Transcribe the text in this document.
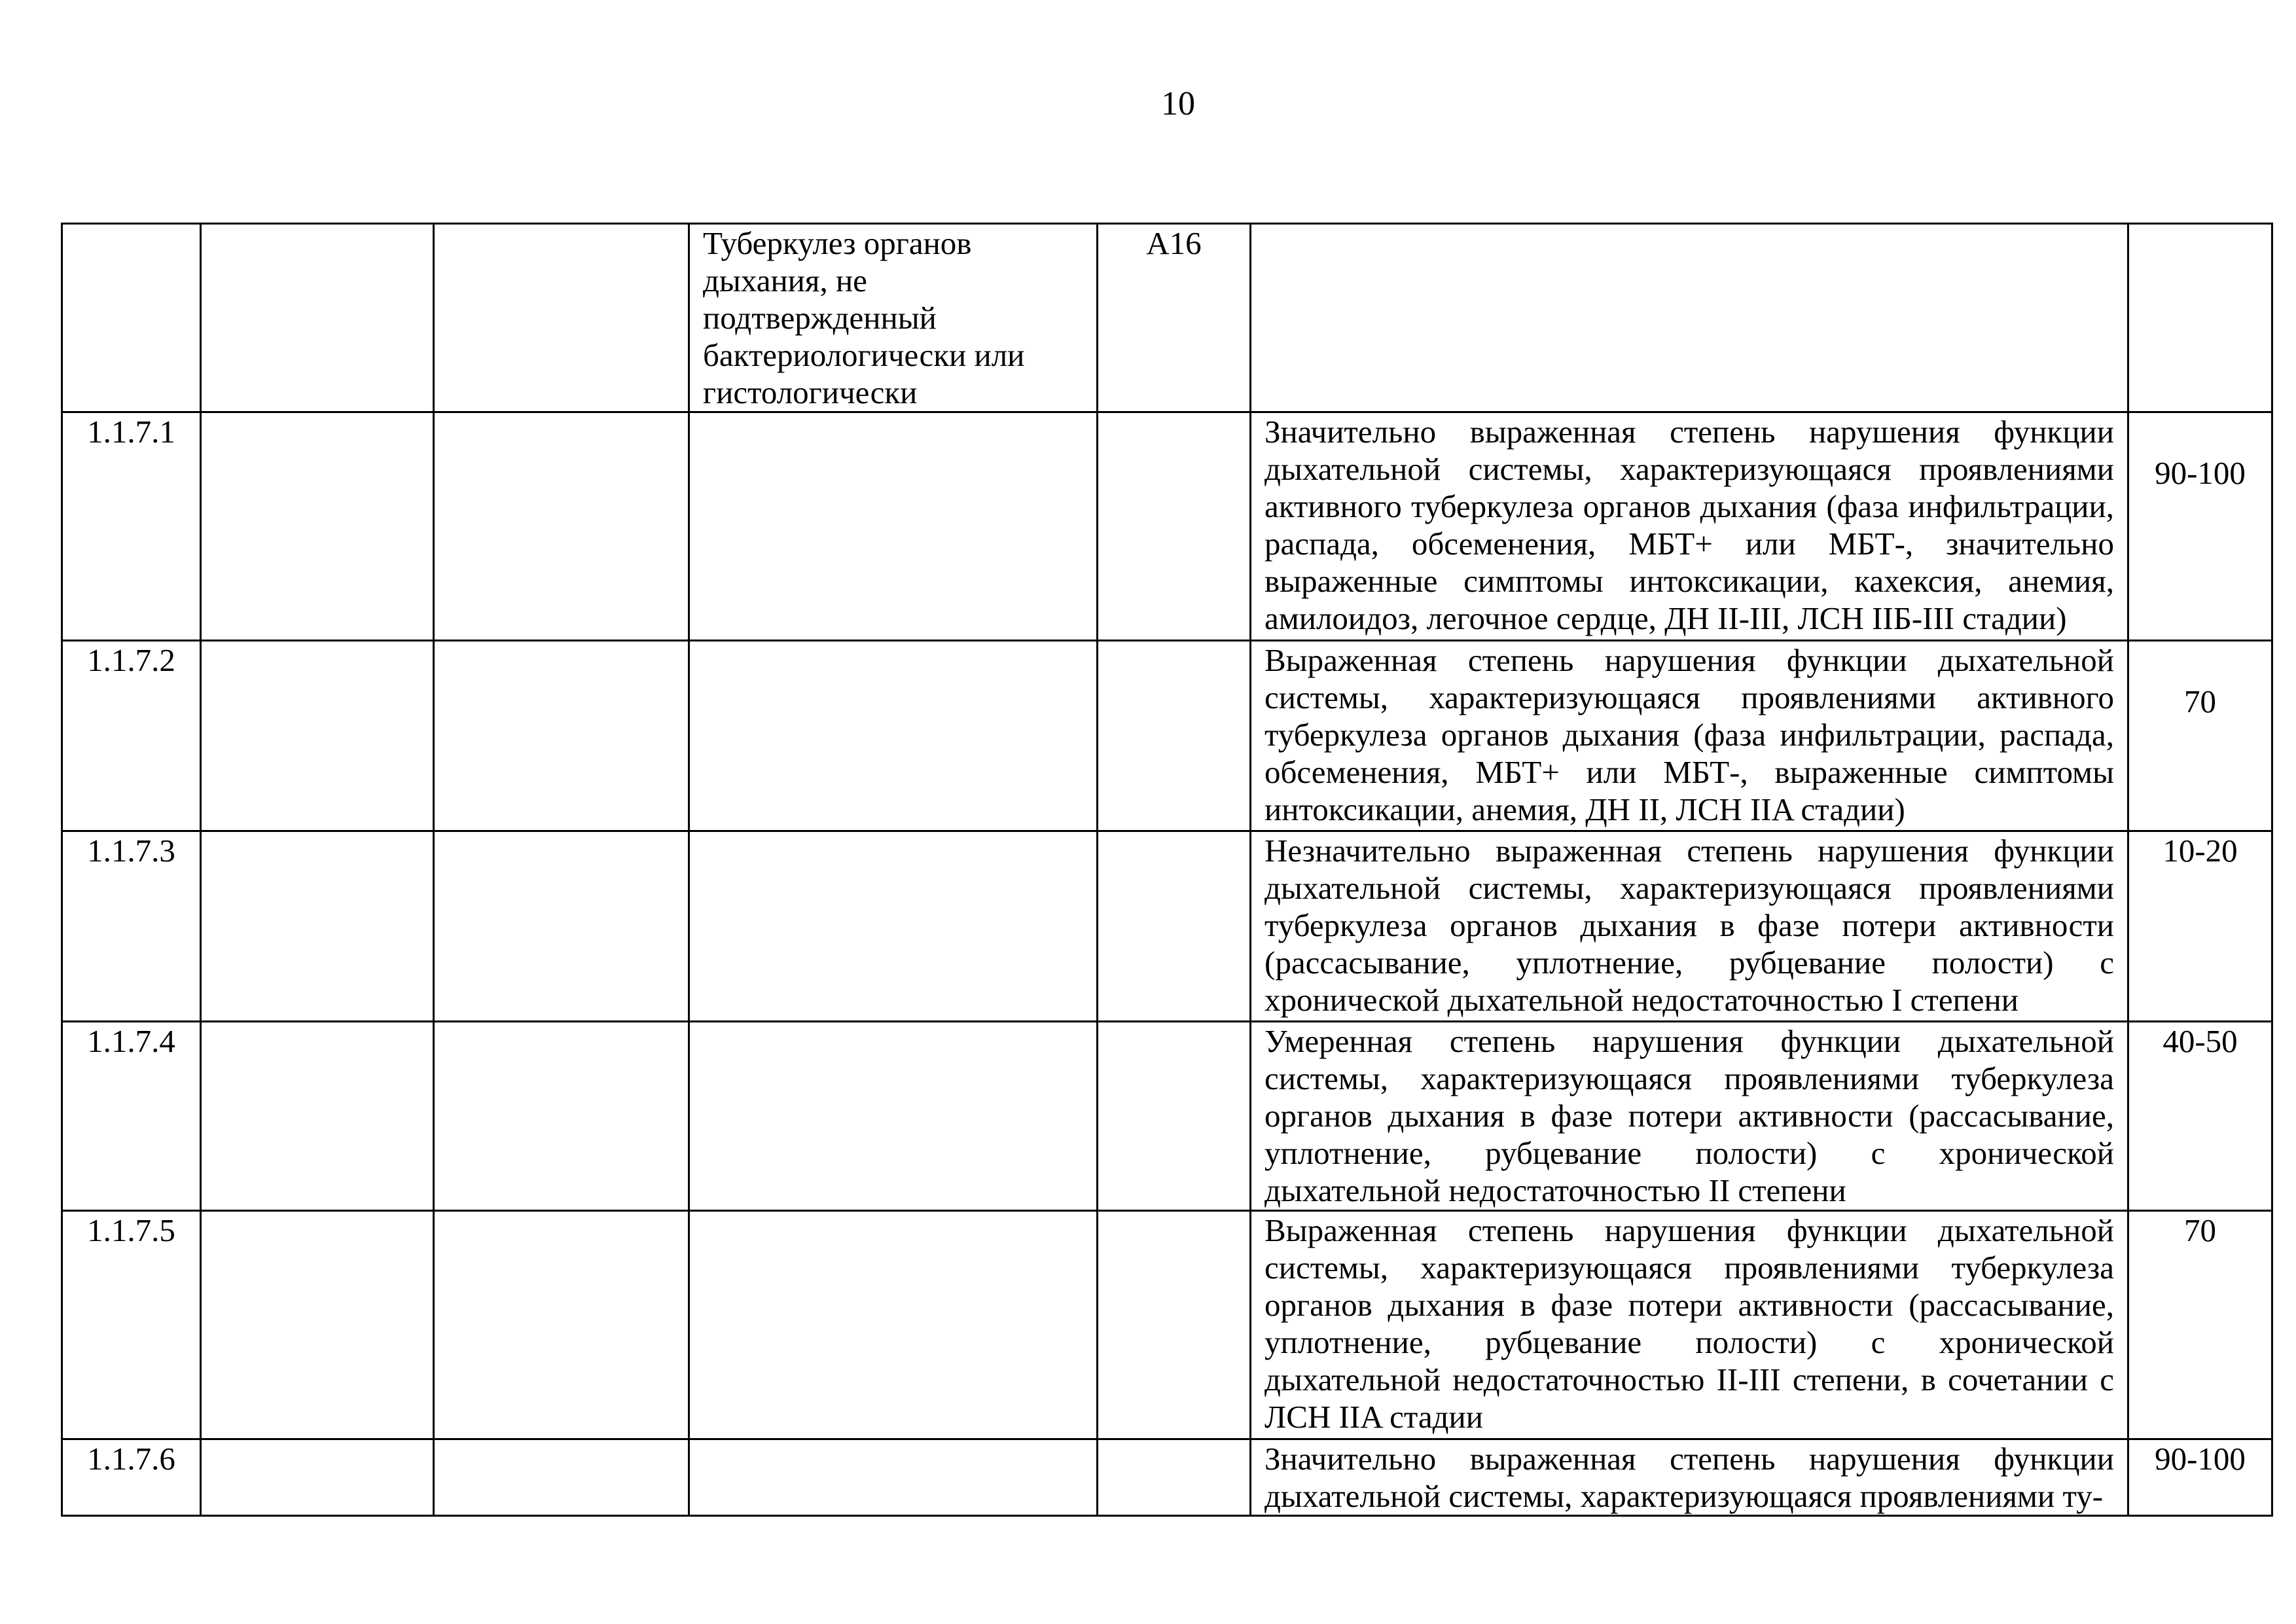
10
			Туберкулез органов дыхания, не подтвержденный бактериологически или гистологически	A16		
1.1.7.1					Значительно выраженная степень нарушения функции дыхательной системы, характеризующаяся проявлениями активного туберкулеза органов дыхания (фаза инфильтрации, распада, обсеменения, МБТ+ или МБТ-, значительно выраженные симптомы интоксикации, кахексия, анемия, амилоидоз, легочное сердце, ДН II-III, ЛСН IIБ-III стадии)	90-100
1.1.7.2					Выраженная степень нарушения функции дыхательной системы, характеризующаяся проявлениями активного туберкулеза органов дыхания (фаза инфильтрации, распада, обсеменения, МБТ+ или МБТ-, выраженные симптомы интоксикации, анемия, ДН II, ЛСН IIA стадии)	70
1.1.7.3					Незначительно выраженная степень нарушения функции дыхательной системы, характеризующаяся проявлениями туберкулеза органов дыхания в фазе потери активности (рассасывание, уплотнение, рубцевание полости) с хронической дыхательной недостаточностью I степени	10-20
1.1.7.4					Умеренная степень нарушения функции дыхательной системы, характеризующаяся проявлениями туберкулеза органов дыхания в фазе потери активности (рассасывание, уплотнение, рубцевание полости) с хронической дыхательной недостаточностью II степени	40-50
1.1.7.5					Выраженная степень нарушения функции дыхательной системы, характеризующаяся проявлениями туберкулеза органов дыхания в фазе потери активности (рассасывание, уплотнение, рубцевание полости) с хронической дыхательной недостаточностью II-III степени, в сочетании с ЛСН IIA стадии	70
1.1.7.6					Значительно выраженная степень нарушения функции дыхательной системы, характеризующаяся проявлениями ту-	90-100
